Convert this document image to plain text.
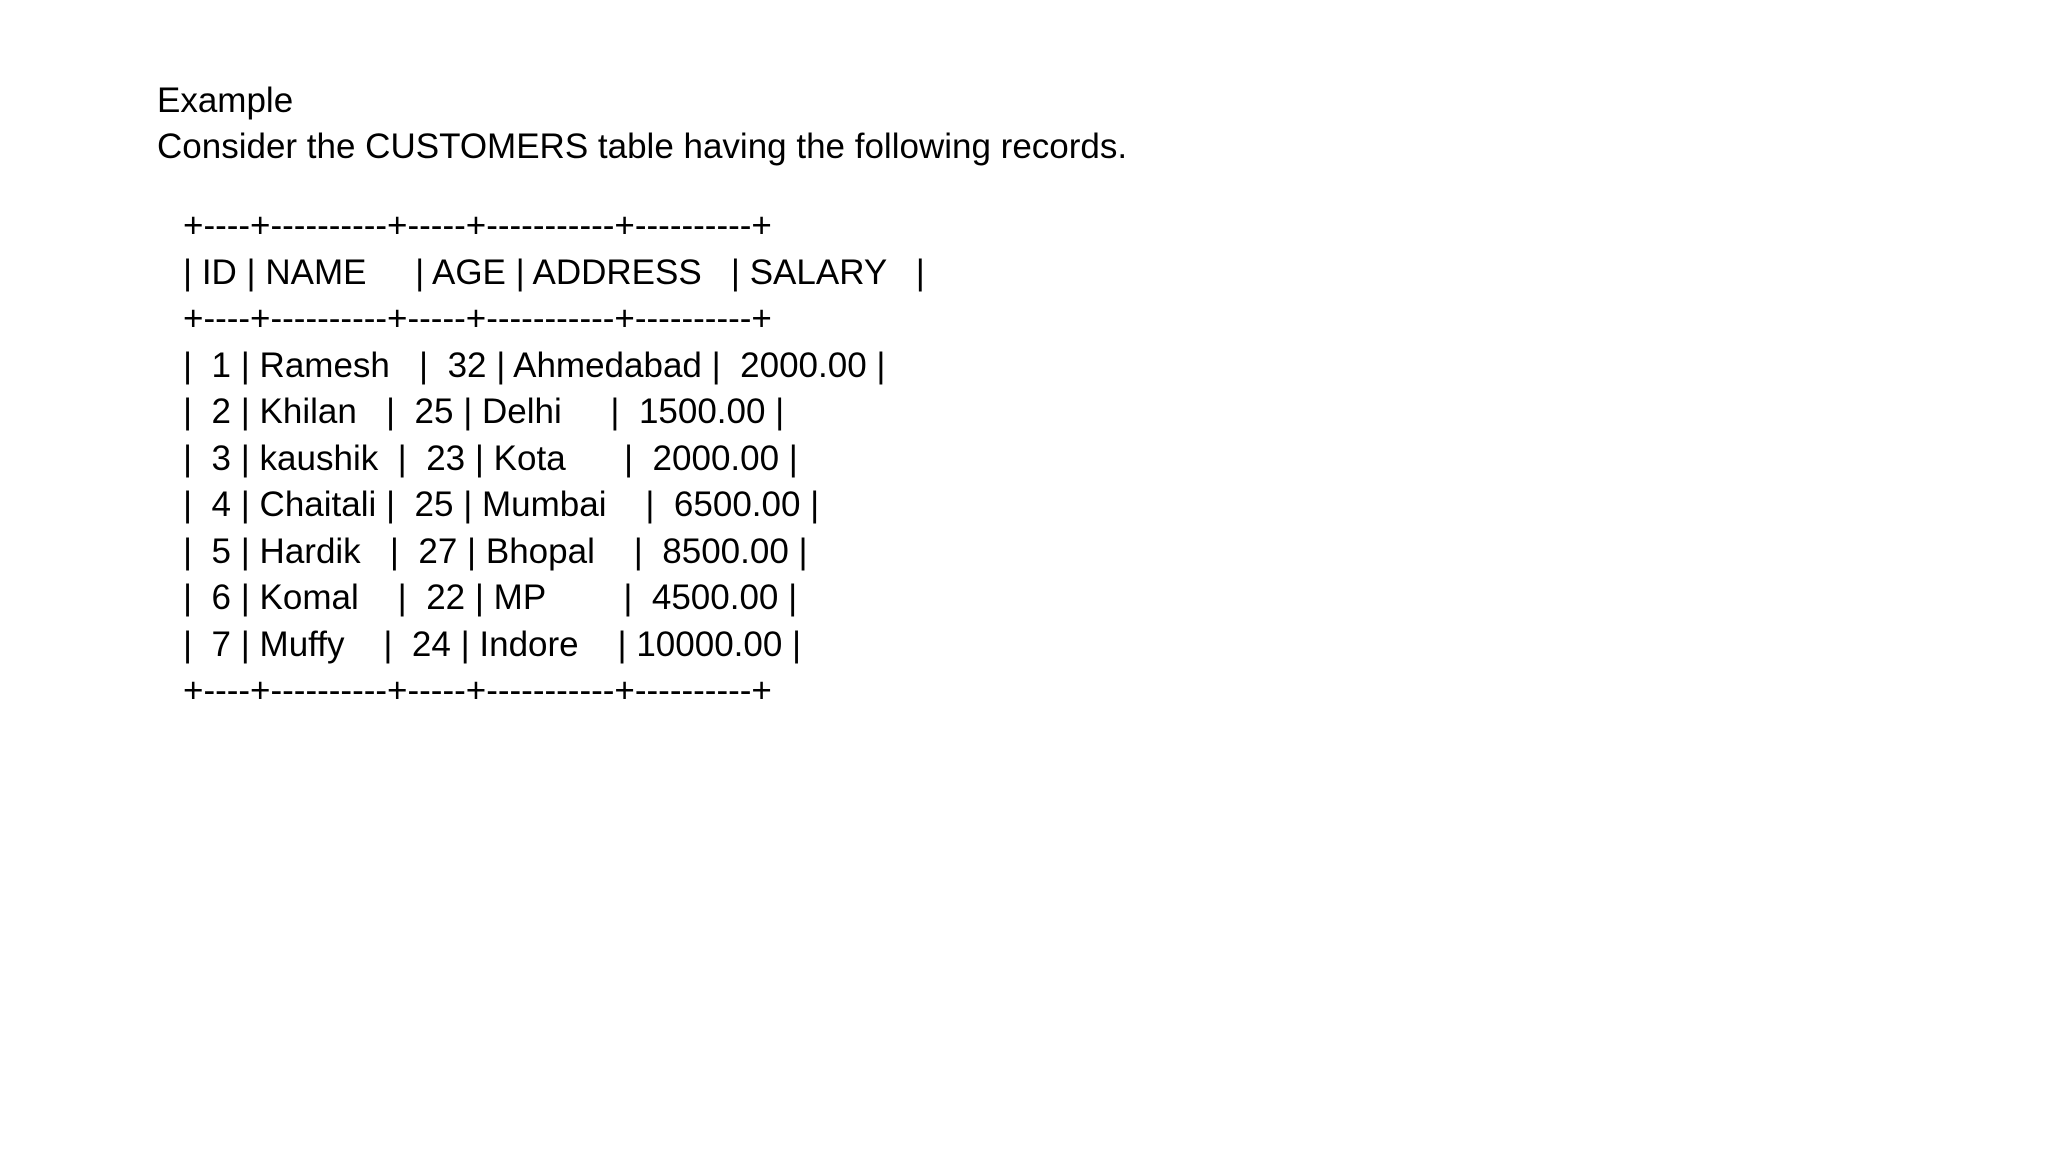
Example
Consider the CUSTOMERS table having the following records.
+----+----------+-----+-----------+----------+
| ID | NAME     | AGE | ADDRESS   | SALARY   |
+----+----------+-----+-----------+----------+
|  1 | Ramesh   |  32 | Ahmedabad |  2000.00 |
|  2 | Khilan   |  25 | Delhi     |  1500.00 |
|  3 | kaushik  |  23 | Kota      |  2000.00 |
|  4 | Chaitali |  25 | Mumbai    |  6500.00 |
|  5 | Hardik   |  27 | Bhopal    |  8500.00 |
|  6 | Komal    |  22 | MP        |  4500.00 |
|  7 | Muffy    |  24 | Indore    | 10000.00 |
+----+----------+-----+-----------+----------+
